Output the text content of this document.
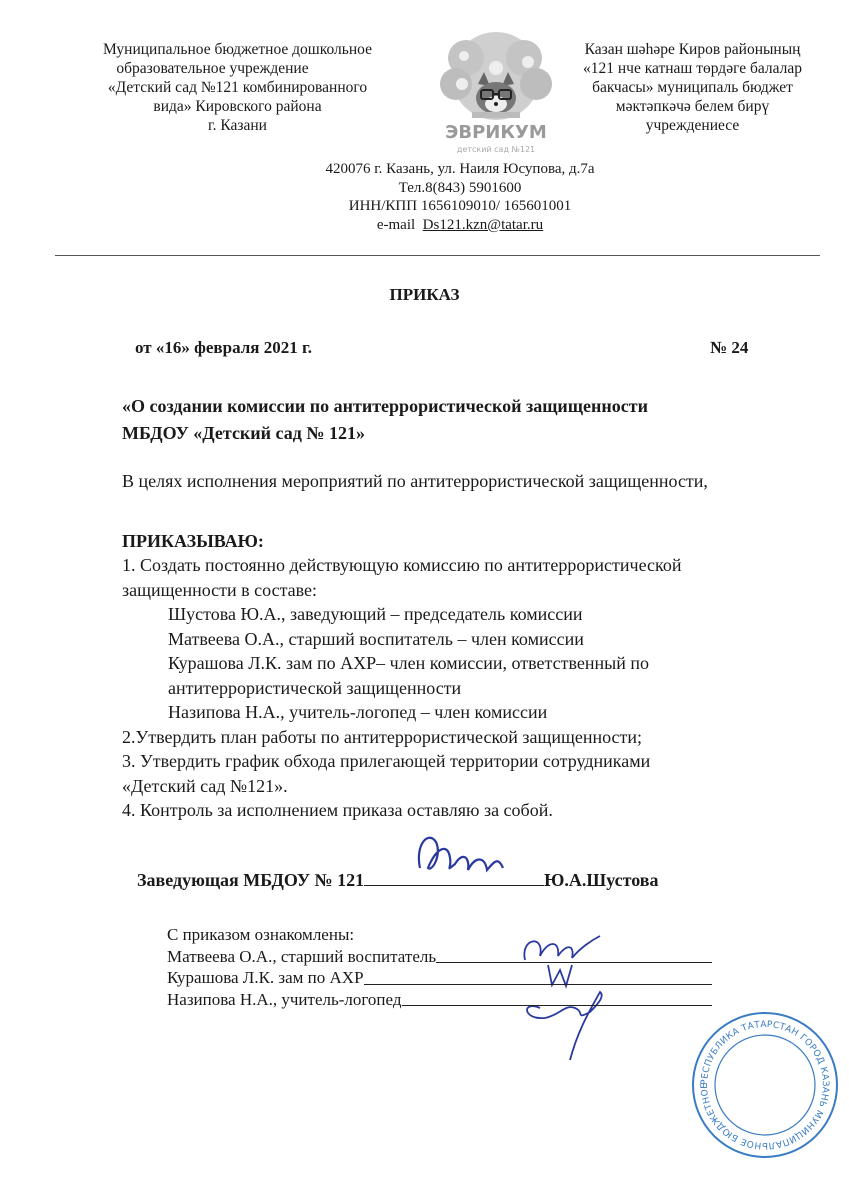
Муниципальное бюджетное дошкольное
образовательное учреждение
«Детский сад №121 комбинированного
вида» Кировского района
г. Казани	ЭВРИКУМ
детский сад №121
Казан шәһәре Киров районының
«121 нче катнаш төрдәге балалар
бакчасы» муниципаль бюджет
мәктәпкәчә белем бирү
учреждениесе
420076 г. Казань, ул. Наиля Юсупова, д.7а
Тел.8(843) 5901600
ИНН/КПП 1656109010/ 165601001
e-mail Ds121.kzn@tatar.ru
ПРИКАЗ
от «16» февраля 2021 г.	№ 24
«О создании комиссии по антитеррористической защищенности
МБДОУ «Детский сад № 121»
В целях исполнения мероприятий по антитеррористической защищенности,
ПРИКАЗЫВАЮ:
1. Создать постоянно действующую комиссию по антитеррористической
защищенности в составе:
Шустова Ю.А., заведующий – председатель комиссии
Матвеева О.А., старший воспитатель – член комиссии
Курашова Л.К. зам по АХР– член комиссии, ответственный по
антитеррористической защищенности
Назипова Н.А., учитель-логопед – член комиссии
2.Утвердить план работы по антитеррористической защищенности;
3. Утвердить график обхода прилегающей территории сотрудниками
«Детский сад №121».
4. Контроль за исполнением приказа оставляю за собой.
Заведующая МБДОУ № 121	Ю.А.Шустова
С приказом ознакомлены:
Матвеева О.А., старший воспитатель
Курашова Л.К. зам по АХР
Назипова Н.А., учитель-логопед
РЕСПУБЛИКА ТАТАРСТАН ГОРОД КАЗАНЬ МУНИЦИПАЛЬНОЕ БЮДЖЕТНОЕ
